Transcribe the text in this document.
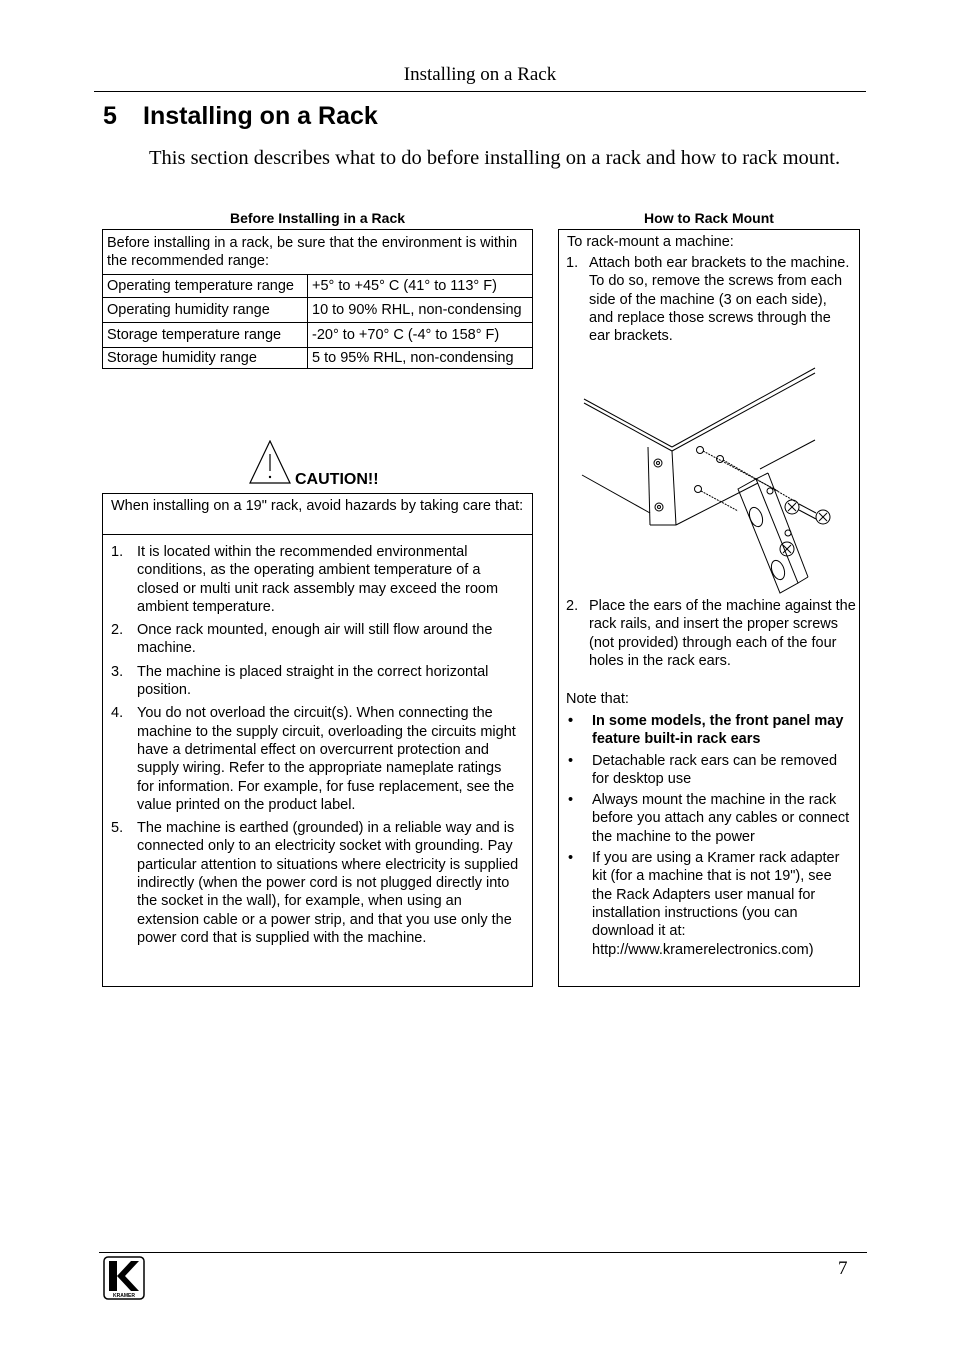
Installing on a Rack
5 Installing on a Rack
This section describes what to do before installing on a rack and how to rack mount.
Before Installing in a Rack
Before installing in a rack, be sure that the environment is within the recommended range:	
Operating temperature range	+5° to +45° C (41° to 113° F)
Operating humidity range	10 to 90% RHL, non-condensing
Storage temperature range	-20° to +70° C (-4° to 158° F)
Storage humidity range	5 to 95% RHL, non-condensing
CAUTION!!
When installing on a 19" rack, avoid hazards by taking care that:
1. It is located within the recommended environmental conditions, as the operating ambient temperature of a closed or multi unit rack assembly may exceed the room ambient temperature.
2. Once rack mounted, enough air will still flow around the machine.
3. The machine is placed straight in the correct horizontal position.
4. You do not overload the circuit(s). When connecting the machine to the supply circuit, overloading the circuits might have a detrimental effect on overcurrent protection and supply wiring. Refer to the appropriate nameplate ratings for information. For example, for fuse replacement, see the value printed on the product label.
5. The machine is earthed (grounded) in a reliable way and is connected only to an electricity socket with grounding. Pay particular attention to situations where electricity is supplied indirectly (when the power cord is not plugged directly into the socket in the wall), for example, when using an extension cable or a power strip, and that you use only the power cord that is supplied with the machine.
How to Rack Mount
To rack-mount a machine:
1. Attach both ear brackets to the machine. To do so, remove the screws from each side of the machine (3 on each side), and replace those screws through the ear brackets.
2. Place the ears of the machine against the rack rails, and insert the proper screws (not provided) through each of the four holes in the rack ears.
Note that:
• In some models, the front panel may feature built-in rack ears
• Detachable rack ears can be removed for desktop use
• Always mount the machine in the rack before you attach any cables or connect the machine to the power
• If you are using a Kramer rack adapter kit (for a machine that is not 19"), see the Rack Adapters user manual for installation instructions (you can download it at: http://www.kramerelectronics.com)
KRAMER
7
